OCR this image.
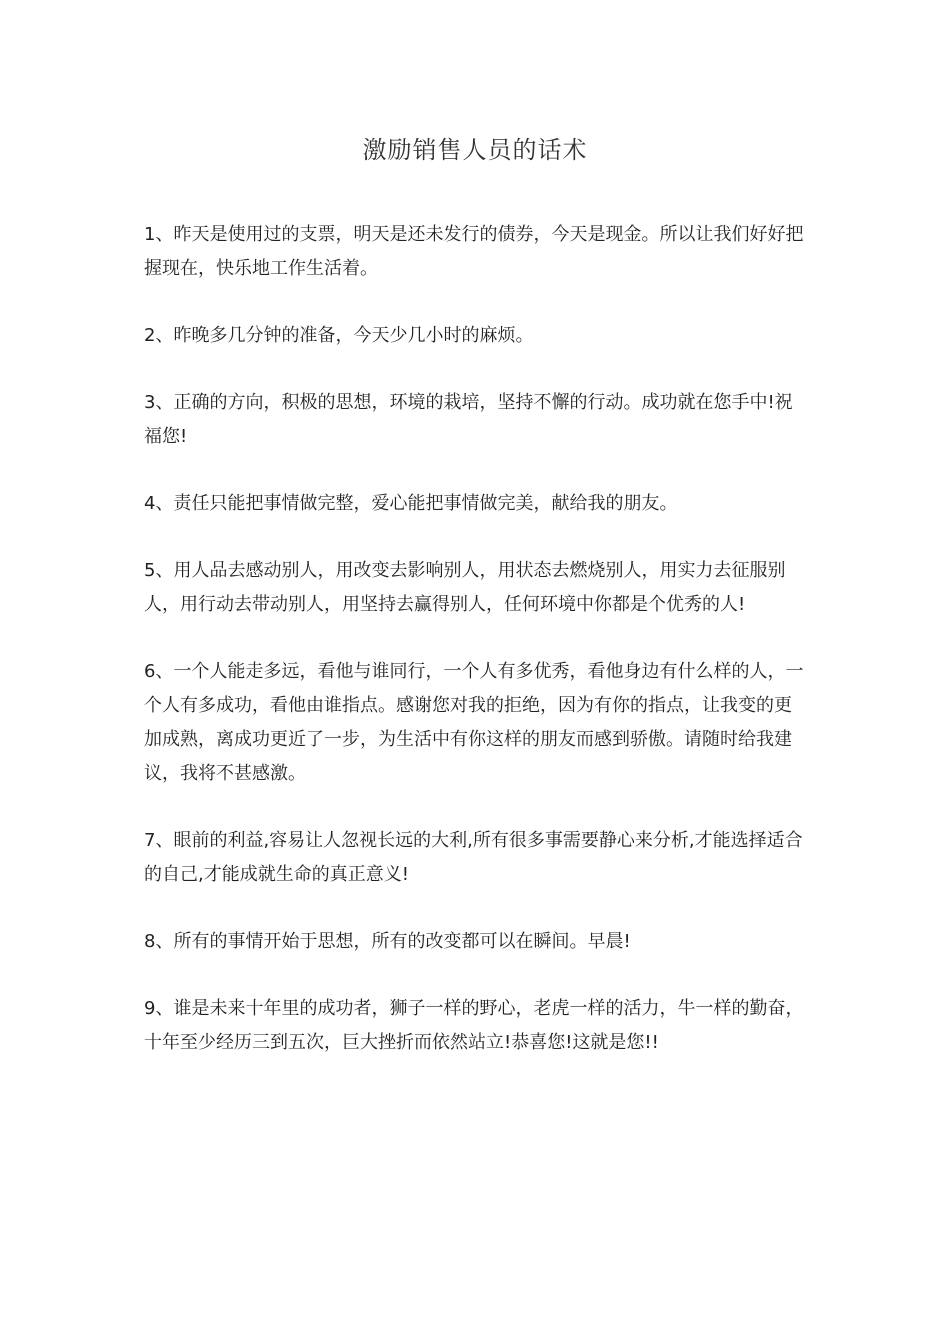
激励销售人员的话术

1、昨天是使用过的支票，明天是还未发行的债券，今天是现金。所以让我们好好把握现在，快乐地工作生活着。

2、昨晚多几分钟的准备，今天少几小时的麻烦。

3、正确的方向，积极的思想，环境的栽培，坚持不懈的行动。成功就在您手中!祝福您!

4、责任只能把事情做完整，爱心能把事情做完美，献给我的朋友。

5、用人品去感动别人，用改变去影响别人，用状态去燃烧别人，用实力去征服别人，用行动去带动别人，用坚持去赢得别人，任何环境中你都是个优秀的人!

6、一个人能走多远，看他与谁同行，一个人有多优秀，看他身边有什么样的人，一个人有多成功，看他由谁指点。感谢您对我的拒绝，因为有你的指点，让我变的更加成熟，离成功更近了一步，为生活中有你这样的朋友而感到骄傲。请随时给我建议，我将不甚感激。

7、眼前的利益,容易让人忽视长远的大利,所有很多事需要静心来分析,才能选择适合的自己,才能成就生命的真正意义!

8、所有的事情开始于思想，所有的改变都可以在瞬间。早晨!

9、谁是未来十年里的成功者，狮子一样的野心，老虎一样的活力，牛一样的勤奋，十年至少经历三到五次，巨大挫折而依然站立!恭喜您!这就是您!!
